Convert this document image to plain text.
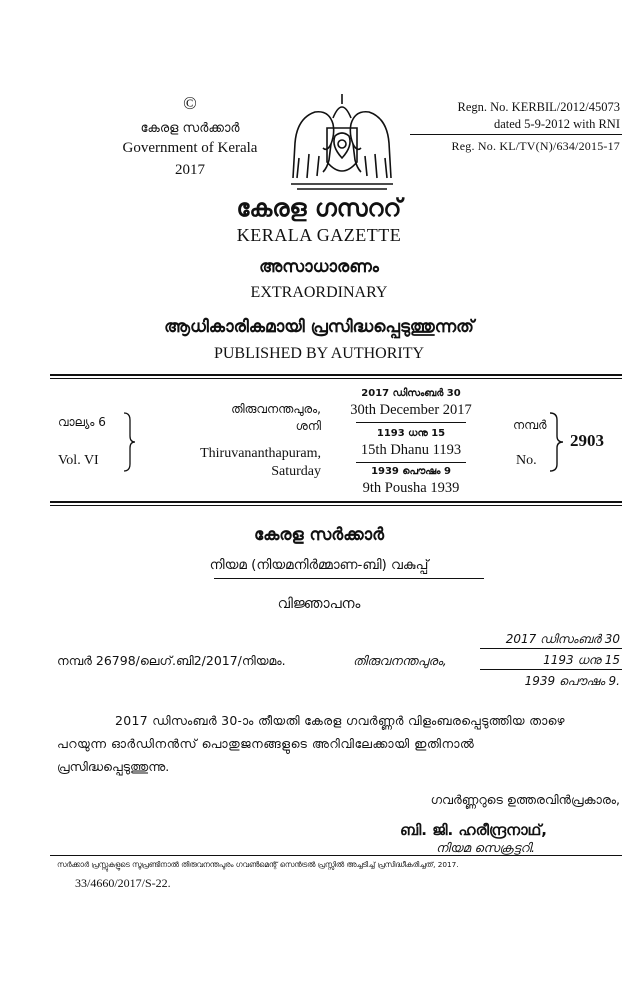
©
കേരള സർക്കാർ
Government of Kerala
2017
Regn. No. KERBIL/2012/45073
dated 5-9-2012 with RNI
Reg. No. KL/TV(N)/634/2015-17
കേരള ഗസററ്
KERALA GAZETTE
അസാധാരണം
EXTRAORDINARY
ആധികാരികമായി പ്രസിദ്ധപ്പെടുത്തുന്നത്
PUBLISHED BY AUTHORITY
വാല്യം 6
Vol. VI
തിരുവനന്തപുരം,
ശനി
Thiruvananthapuram,
Saturday
2017 ഡിസംബർ 30
30th December 2017
1193 ധനു 15
15th Dhanu 1193
1939 പൌഷം 9
9th Pousha 1939
നമ്പർ
No.
2903
കേരള സർക്കാർ
നിയമ (നിയമനിർമ്മാണ-ബി) വകുപ്പ്
വിജ്ഞാപനം
നമ്പർ 26798/ലെഗ്.ബി2/2017/നിയമം.	തിരുവനന്തപുരം,
2017 ഡിസംബർ 30
1193 ധനു 15
1939 പൌഷം 9.
2017 ഡിസംബർ 30-ാം തീയതി കേരള ഗവർണ്ണർ വിളംബരപ്പെടുത്തിയ താഴെ
പറയുന്ന ഓർഡിനൻസ് പൊതുജനങ്ങളുടെ അറിവിലേക്കായി ഇതിനാൽ
പ്രസിദ്ധപ്പെടുത്തുന്നു.
ഗവർണ്ണറുടെ ഉത്തരവിൻപ്രകാരം,
ബി. ജി. ഹരീന്ദ്രനാഥ്,
നിയമ സെക്രട്ടറി.
സർക്കാർ പ്രസ്സുകളുടെ സൂപ്രണ്ടിനാൽ തിരുവനന്തപുരം ഗവൺമെന്റ് സെൻട്രൽ പ്രസ്സിൽ അച്ചടിച്ച് പ്രസിദ്ധീകരിച്ചത്, 2017.
33/4660/2017/S-22.
